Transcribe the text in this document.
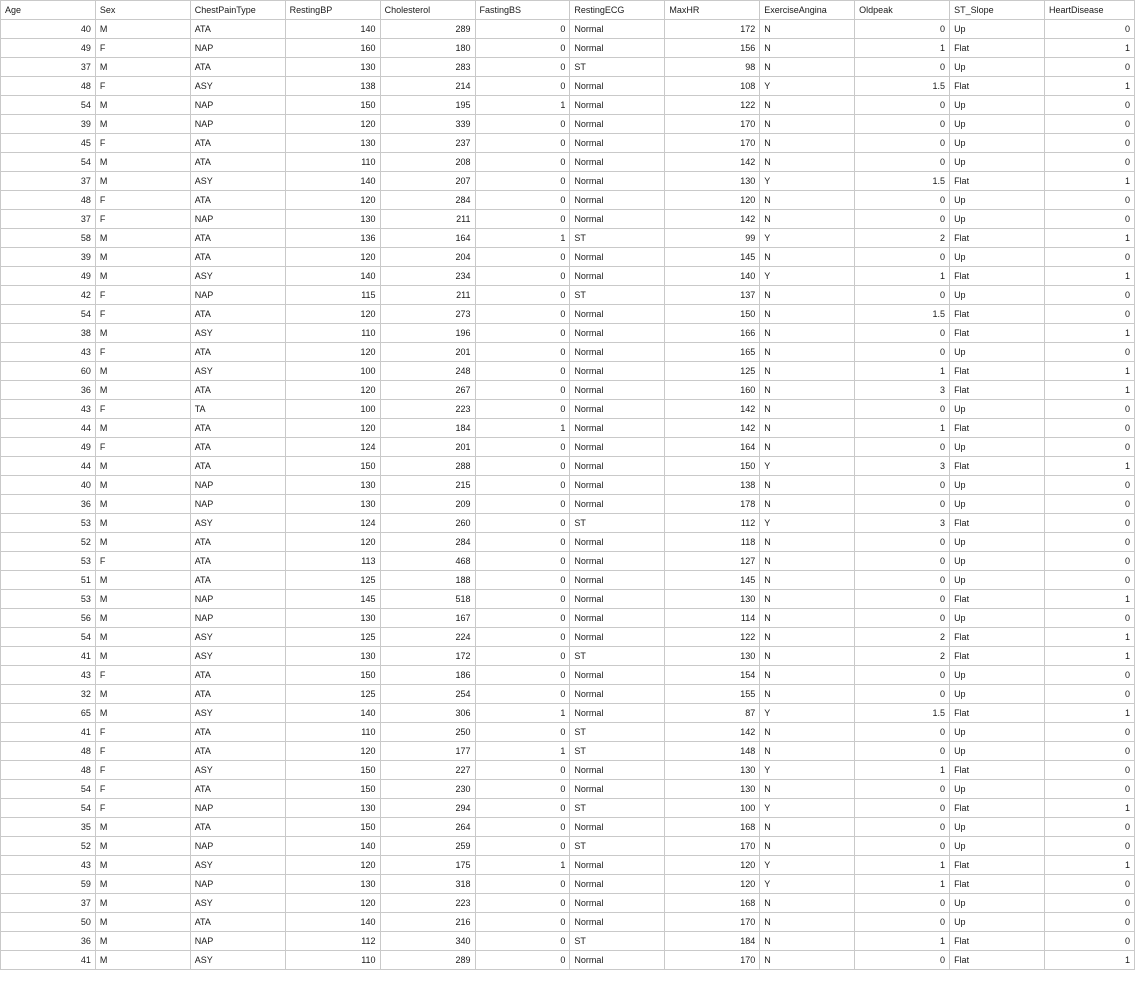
Age	Sex	ChestPainType	RestingBP	Cholesterol	FastingBS	RestingECG	MaxHR	ExerciseAngina	Oldpeak	ST_Slope	HeartDisease
40	M	ATA	140	289	0	Normal	172	N	0	Up	0
49	F	NAP	160	180	0	Normal	156	N	1	Flat	1
37	M	ATA	130	283	0	ST	98	N	0	Up	0
48	F	ASY	138	214	0	Normal	108	Y	1.5	Flat	1
54	M	NAP	150	195	1	Normal	122	N	0	Up	0
39	M	NAP	120	339	0	Normal	170	N	0	Up	0
45	F	ATA	130	237	0	Normal	170	N	0	Up	0
54	M	ATA	110	208	0	Normal	142	N	0	Up	0
37	M	ASY	140	207	0	Normal	130	Y	1.5	Flat	1
48	F	ATA	120	284	0	Normal	120	N	0	Up	0
37	F	NAP	130	211	0	Normal	142	N	0	Up	0
58	M	ATA	136	164	1	ST	99	Y	2	Flat	1
39	M	ATA	120	204	0	Normal	145	N	0	Up	0
49	M	ASY	140	234	0	Normal	140	Y	1	Flat	1
42	F	NAP	115	211	0	ST	137	N	0	Up	0
54	F	ATA	120	273	0	Normal	150	N	1.5	Flat	0
38	M	ASY	110	196	0	Normal	166	N	0	Flat	1
43	F	ATA	120	201	0	Normal	165	N	0	Up	0
60	M	ASY	100	248	0	Normal	125	N	1	Flat	1
36	M	ATA	120	267	0	Normal	160	N	3	Flat	1
43	F	TA	100	223	0	Normal	142	N	0	Up	0
44	M	ATA	120	184	1	Normal	142	N	1	Flat	0
49	F	ATA	124	201	0	Normal	164	N	0	Up	0
44	M	ATA	150	288	0	Normal	150	Y	3	Flat	1
40	M	NAP	130	215	0	Normal	138	N	0	Up	0
36	M	NAP	130	209	0	Normal	178	N	0	Up	0
53	M	ASY	124	260	0	ST	112	Y	3	Flat	0
52	M	ATA	120	284	0	Normal	118	N	0	Up	0
53	F	ATA	113	468	0	Normal	127	N	0	Up	0
51	M	ATA	125	188	0	Normal	145	N	0	Up	0
53	M	NAP	145	518	0	Normal	130	N	0	Flat	1
56	M	NAP	130	167	0	Normal	114	N	0	Up	0
54	M	ASY	125	224	0	Normal	122	N	2	Flat	1
41	M	ASY	130	172	0	ST	130	N	2	Flat	1
43	F	ATA	150	186	0	Normal	154	N	0	Up	0
32	M	ATA	125	254	0	Normal	155	N	0	Up	0
65	M	ASY	140	306	1	Normal	87	Y	1.5	Flat	1
41	F	ATA	110	250	0	ST	142	N	0	Up	0
48	F	ATA	120	177	1	ST	148	N	0	Up	0
48	F	ASY	150	227	0	Normal	130	Y	1	Flat	0
54	F	ATA	150	230	0	Normal	130	N	0	Up	0
54	F	NAP	130	294	0	ST	100	Y	0	Flat	1
35	M	ATA	150	264	0	Normal	168	N	0	Up	0
52	M	NAP	140	259	0	ST	170	N	0	Up	0
43	M	ASY	120	175	1	Normal	120	Y	1	Flat	1
59	M	NAP	130	318	0	Normal	120	Y	1	Flat	0
37	M	ASY	120	223	0	Normal	168	N	0	Up	0
50	M	ATA	140	216	0	Normal	170	N	0	Up	0
36	M	NAP	112	340	0	ST	184	N	1	Flat	0
41	M	ASY	110	289	0	Normal	170	N	0	Flat	1
